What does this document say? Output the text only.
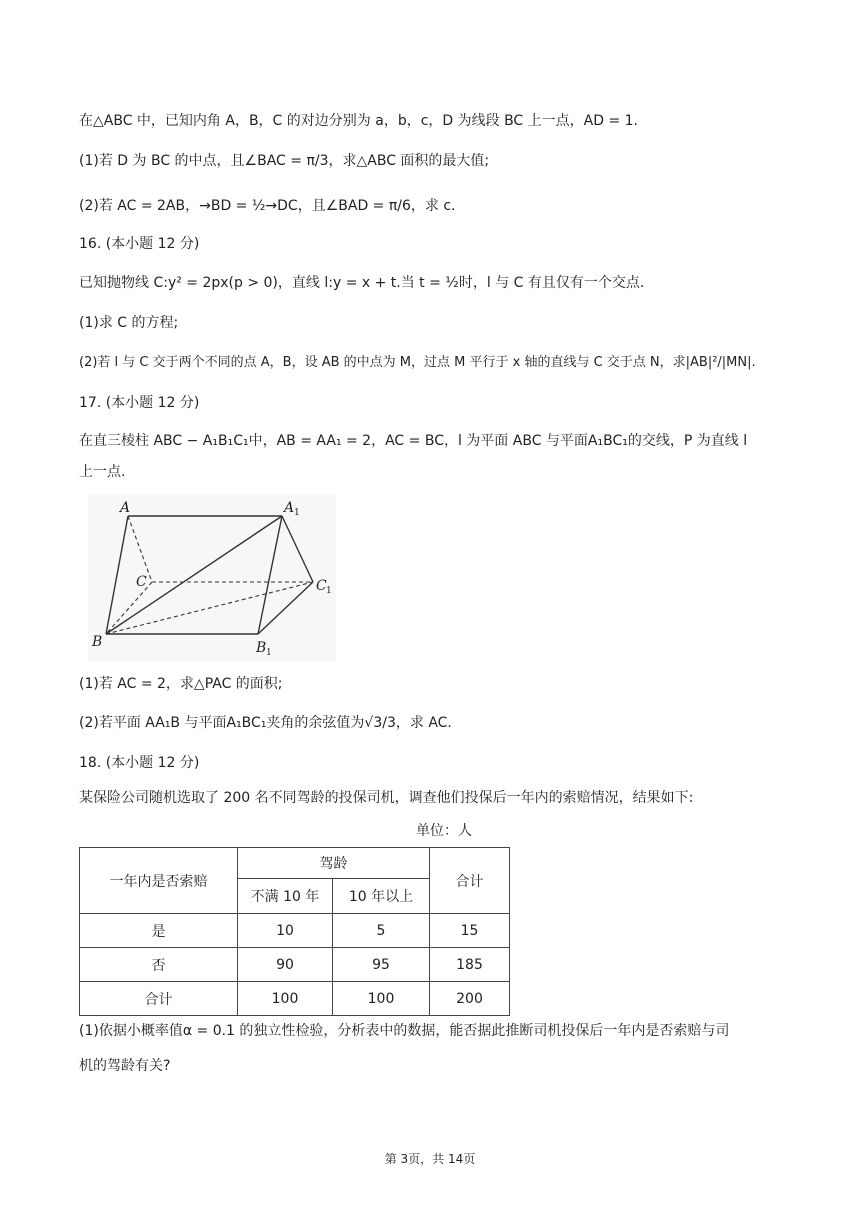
在△ABC 中，已知内角 A，B，C 的对边分别为 a，b，c，D 为线段 BC 上一点，AD = 1.
(1)若 D 为 BC 的中点，且∠BAC = π/3，求△ABC 面积的最大值;
(2)若 AC = 2AB，→BD = ½→DC，且∠BAD = π/6，求 c.
16. (本小题 12 分)
已知抛物线 C:y² = 2px(p > 0)，直线 l:y = x + t.当 t = ½时，l 与 C 有且仅有一个交点.
(1)求 C 的方程;
(2)若 l 与 C 交于两个不同的点 A，B，设 AB 的中点为 M，过点 M 平行于 x 轴的直线与 C 交于点 N，求|AB|²/|MN|.
17. (本小题 12 分)
在直三棱柱 ABC − A₁B₁C₁中，AB = AA₁ = 2，AC = BC，l 为平面 ABC 与平面A₁BC₁的交线，P 为直线 l
上一点.
A	A 1
C	C 1
B	B 1
(1)若 AC = 2，求△PAC 的面积;
(2)若平面 AA₁B 与平面A₁BC₁夹角的余弦值为√3/3，求 AC.
18. (本小题 12 分)
某保险公司随机选取了 200 名不同驾龄的投保司机，调查他们投保后一年内的索赔情况，结果如下:
单位：人
一年内是否索赔	驾龄		合计
	不满 10 年	10 年以上	
是	10	5	15
否	90	95	185
合计	100	100	200
(1)依据小概率值α = 0.1 的独立性检验，分析表中的数据，能否据此推断司机投保后一年内是否索赔与司
机的驾龄有关?
第 3页，共 14页
